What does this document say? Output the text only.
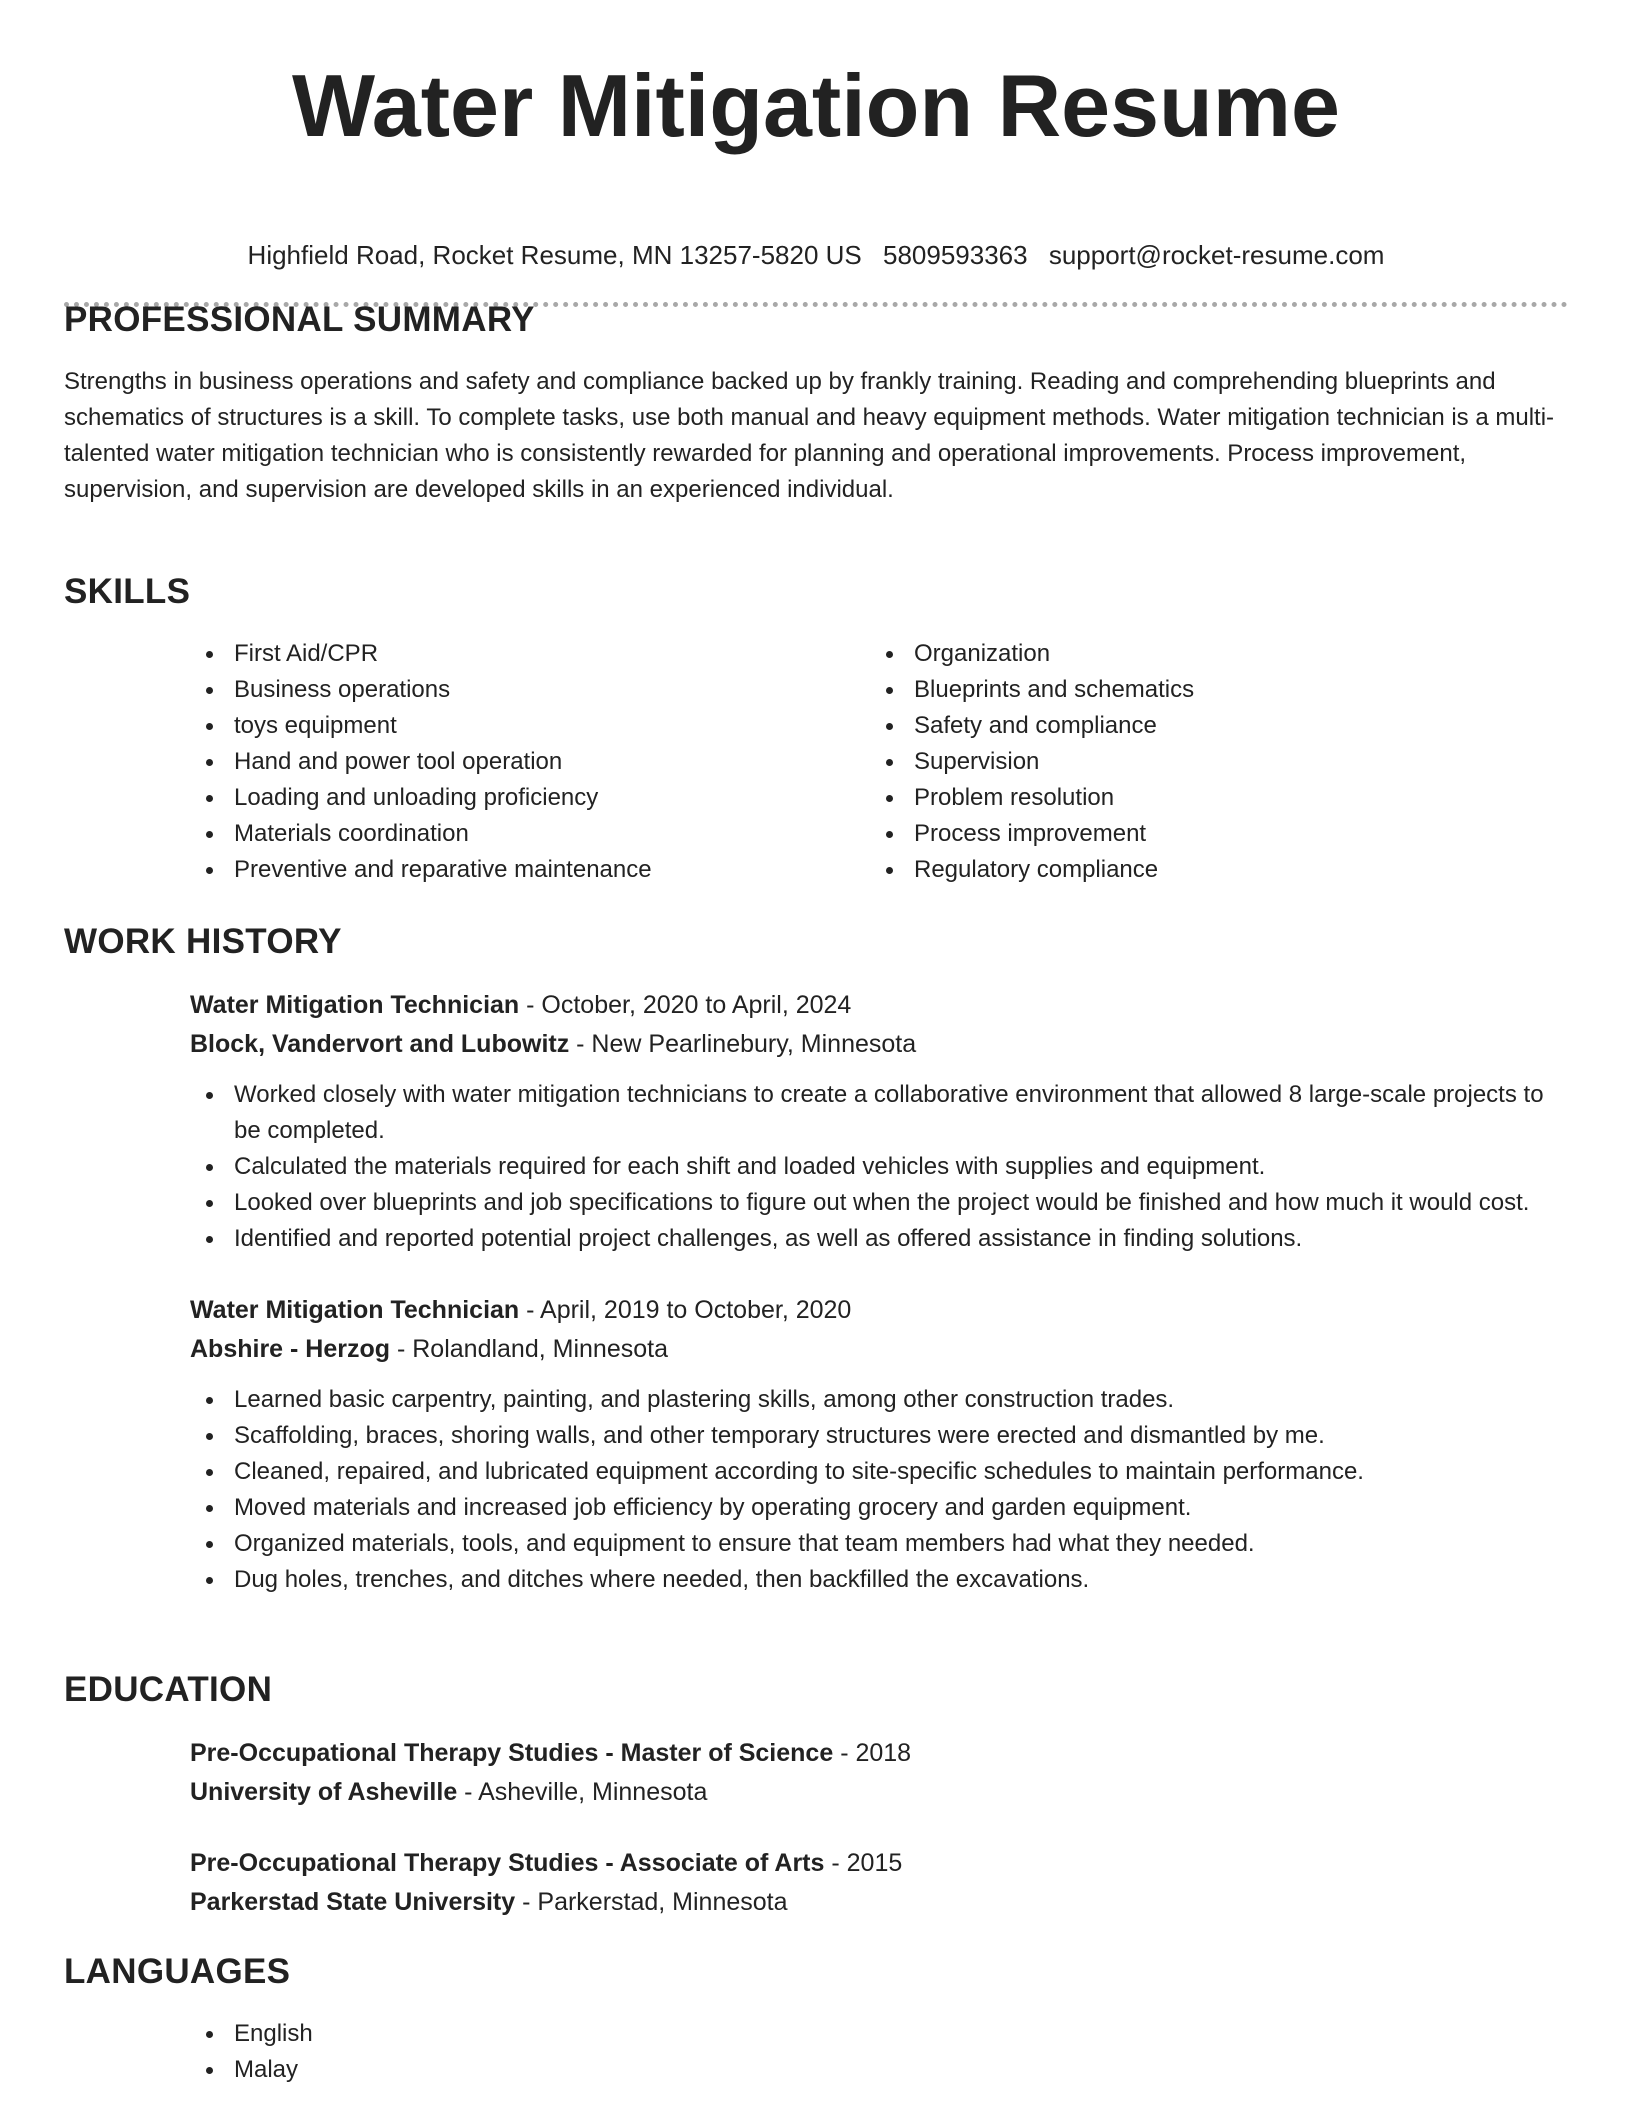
Water Mitigation Resume
Highfield Road, Rocket Resume, MN 13257-5820 US 5809593363 support@rocket-resume.com
PROFESSIONAL SUMMARY

Strengths in business operations and safety and compliance backed up by frankly training. Reading and comprehending blueprints and schematics of structures is a skill. To complete tasks, use both manual and heavy equipment methods. Water mitigation technician is a multi-talented water mitigation technician who is consistently rewarded for planning and operational improvements. Process improvement, supervision, and supervision are developed skills in an experienced individual.

SKILLS
First Aid/CPR
Business operations
toys equipment
Hand and power tool operation
Loading and unloading proficiency
Materials coordination
Preventive and reparative maintenance
Organization
Blueprints and schematics
Safety and compliance
Supervision
Problem resolution
Process improvement
Regulatory compliance
WORK HISTORY
Water Mitigation Technician - October, 2020 to April, 2024
Block, Vandervort and Lubowitz - New Pearlinebury, Minnesota
Worked closely with water mitigation technicians to create a collaborative environment that allowed 8 large-scale projects to be completed.
Calculated the materials required for each shift and loaded vehicles with supplies and equipment.
Looked over blueprints and job specifications to figure out when the project would be finished and how much it would cost.
Identified and reported potential project challenges, as well as offered assistance in finding solutions.
Water Mitigation Technician - April, 2019 to October, 2020
Abshire - Herzog - Rolandland, Minnesota
Learned basic carpentry, painting, and plastering skills, among other construction trades.
Scaffolding, braces, shoring walls, and other temporary structures were erected and dismantled by me.
Cleaned, repaired, and lubricated equipment according to site-specific schedules to maintain performance.
Moved materials and increased job efficiency by operating grocery and garden equipment.
Organized materials, tools, and equipment to ensure that team members had what they needed.
Dug holes, trenches, and ditches where needed, then backfilled the excavations.
EDUCATION
Pre-Occupational Therapy Studies - Master of Science - 2018
University of Asheville - Asheville, Minnesota
Pre-Occupational Therapy Studies - Associate of Arts - 2015
Parkerstad State University - Parkerstad, Minnesota
LANGUAGES
English
Malay
